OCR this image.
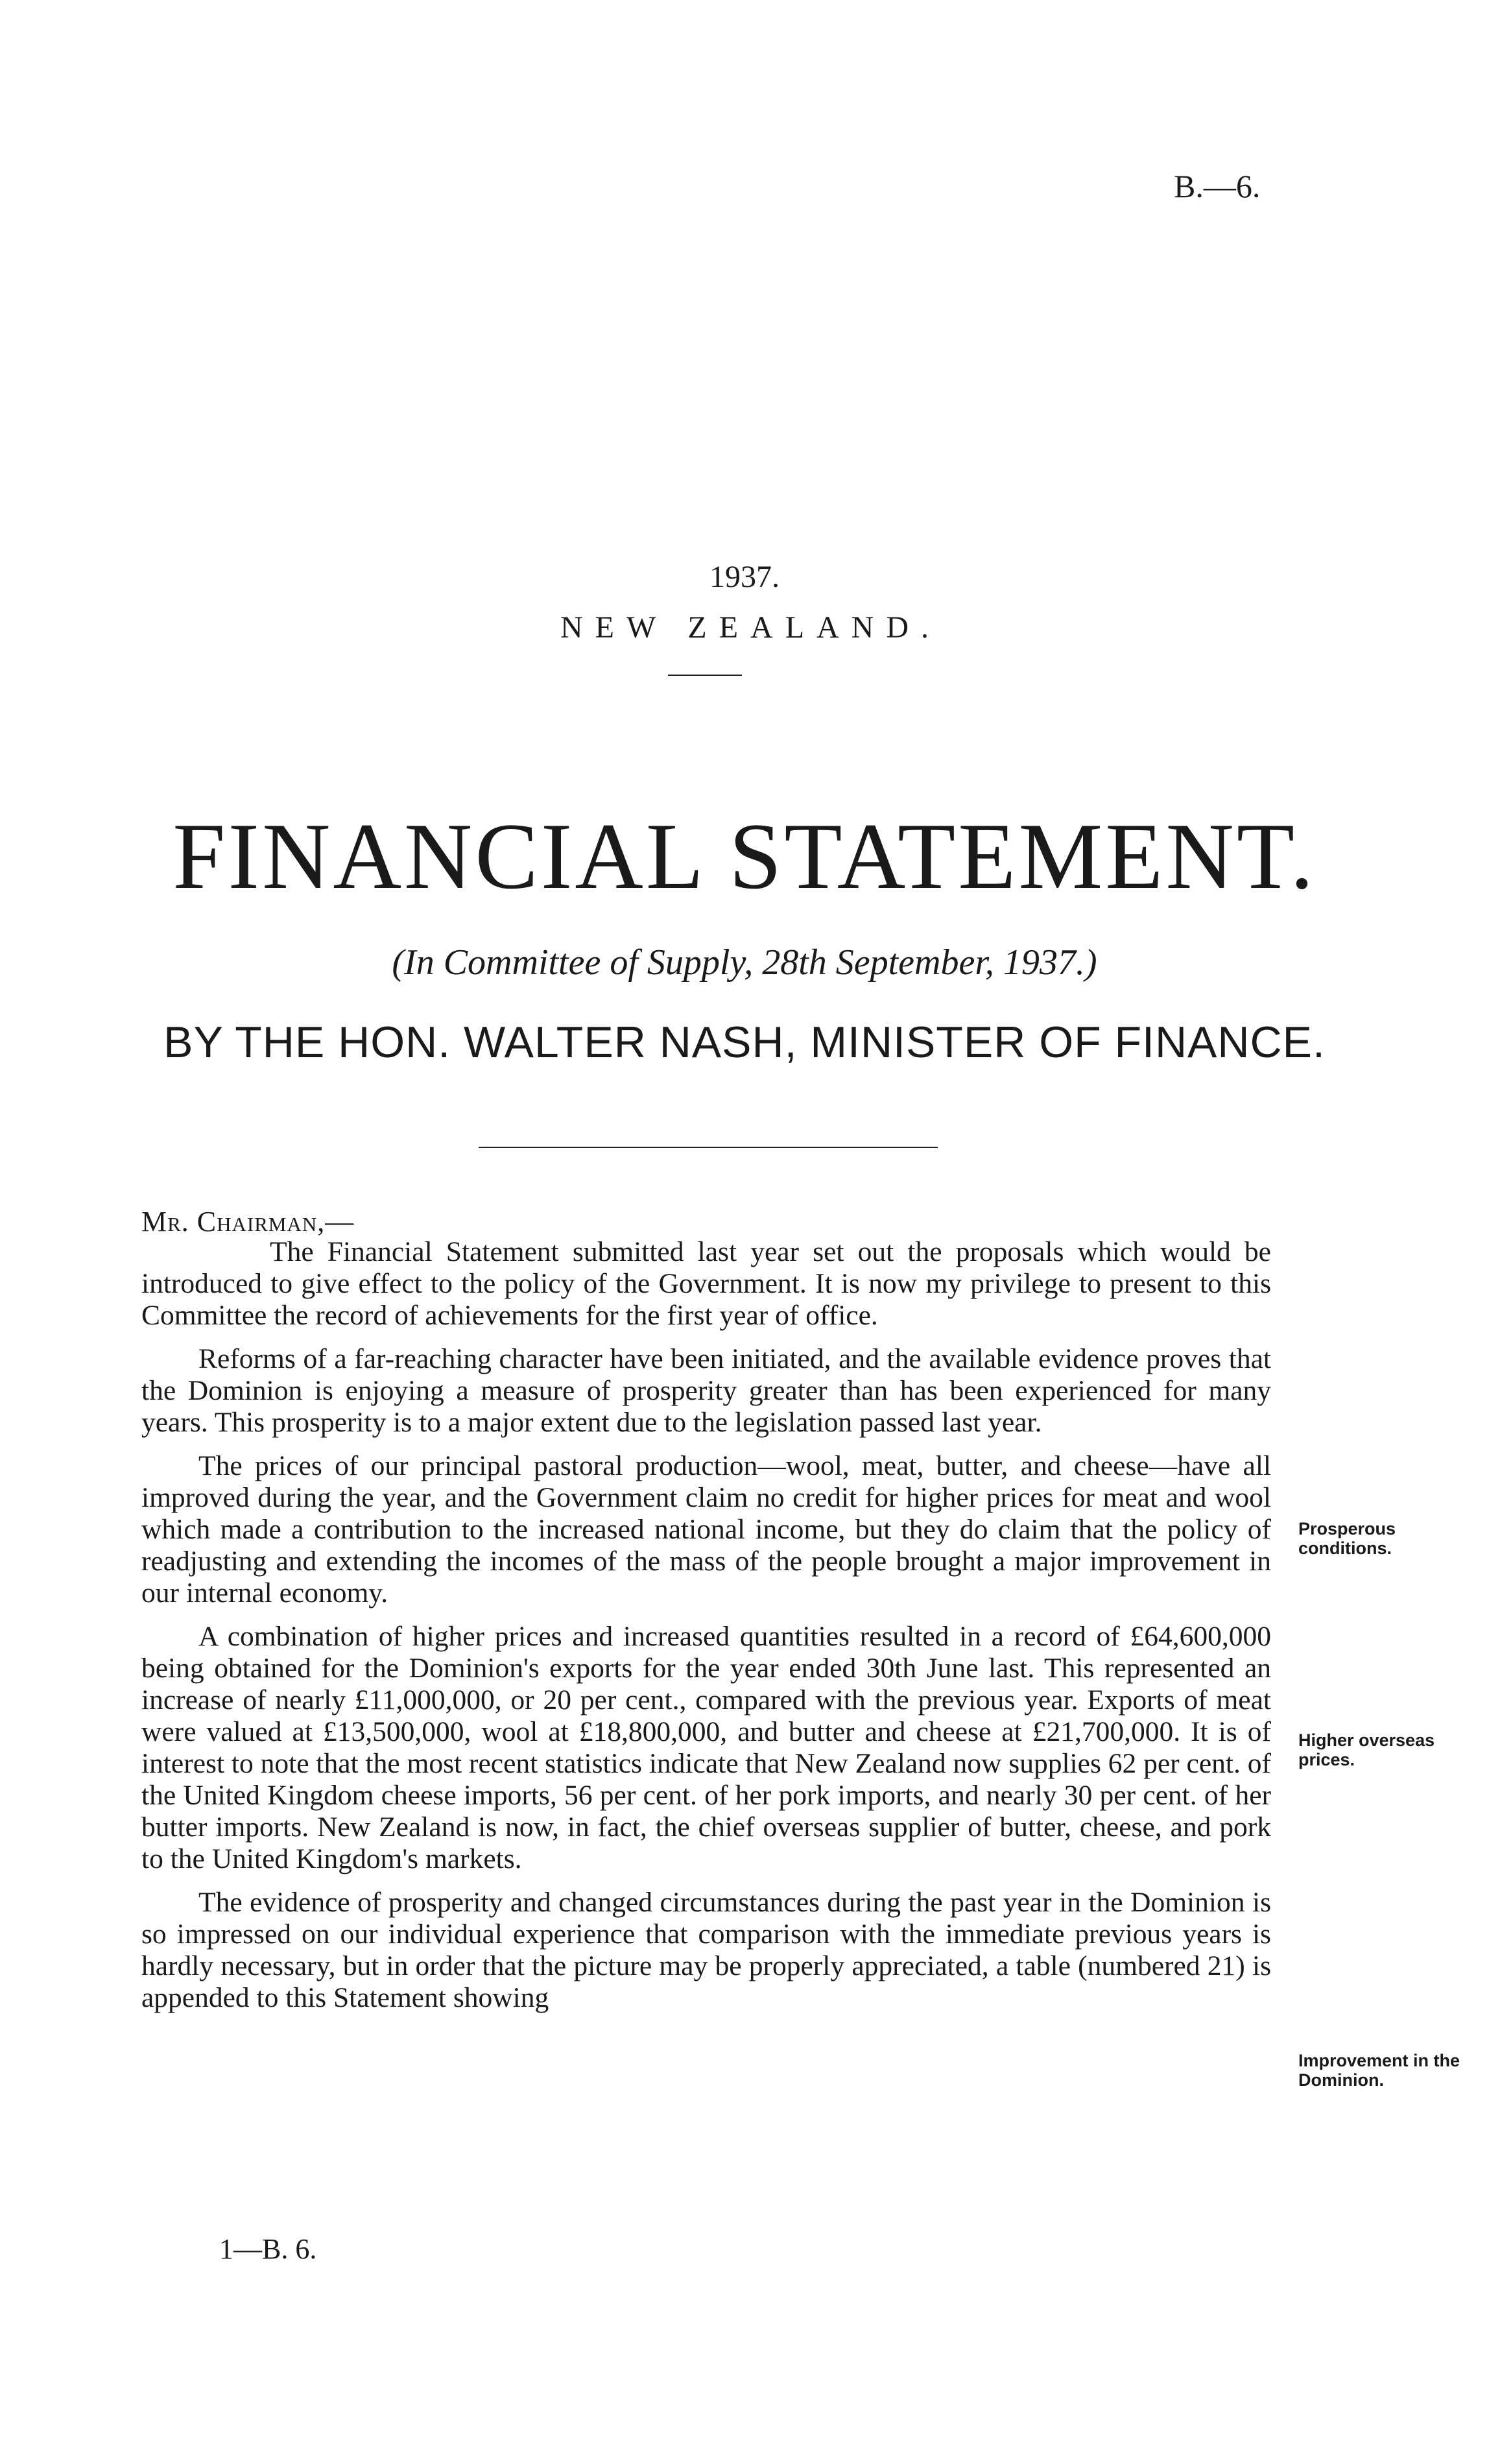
B.—6.
1937.
NEW ZEALAND.
FINANCIAL STATEMENT.
(In Committee of Supply, 28th September, 1937.)
BY THE HON. WALTER NASH, MINISTER OF FINANCE.
Mr. Chairman,—

The Financial Statement submitted last year set out the proposals which would be introduced to give effect to the policy of the Government. It is now my privilege to present to this Committee the record of achievements for the first year of office.

Reforms of a far-reaching character have been initiated, and the available evidence proves that the Dominion is enjoying a measure of prosperity greater than has been experienced for many years. This prosperity is to a major extent due to the legislation passed last year.

The prices of our principal pastoral production—wool, meat, butter, and cheese—have all improved during the year, and the Government claim no credit for higher prices for meat and wool which made a contribution to the increased national income, but they do claim that the policy of readjusting and extending the incomes of the mass of the people brought a major improvement in our internal economy.

A combination of higher prices and increased quantities resulted in a record of £64,600,000 being obtained for the Dominion's exports for the year ended 30th June last. This represented an increase of nearly £11,000,000, or 20 per cent., compared with the previous year. Exports of meat were valued at £13,500,000, wool at £18,800,000, and butter and cheese at £21,700,000. It is of interest to note that the most recent statistics indicate that New Zealand now supplies 62 per cent. of the United Kingdom cheese imports, 56 per cent. of her pork imports, and nearly 30 per cent. of her butter imports. New Zealand is now, in fact, the chief overseas supplier of butter, cheese, and pork to the United Kingdom's markets.

The evidence of prosperity and changed circumstances during the past year in the Dominion is so impressed on our individual experience that comparison with the immediate previous years is hardly necessary, but in order that the picture may be properly appreciated, a table (numbered 21) is appended to this Statement showing

Prosperous conditions.
Higher overseas prices.
Improvement in the Dominion.
1—B. 6.
